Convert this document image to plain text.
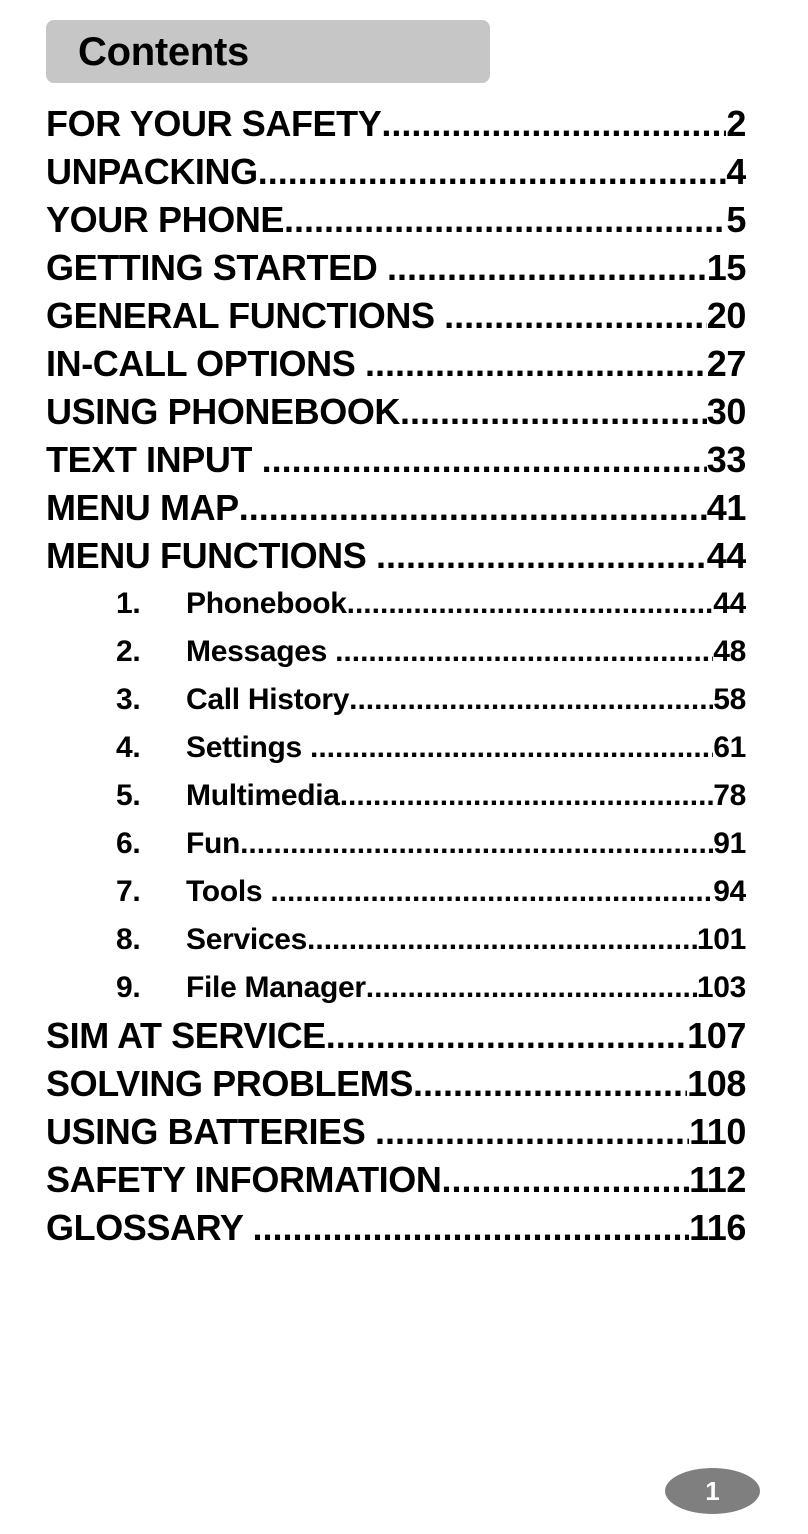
Contents
FOR YOUR SAFETY .....	2
UNPACKING .....	4
YOUR PHONE .....	5
GETTING STARTED .....	15
GENERAL FUNCTIONS .....	20
IN-CALL OPTIONS .....	27
USING PHONEBOOK .....	30
TEXT INPUT .....	33
MENU MAP .....	41
MENU FUNCTIONS .....	44
1.	Phonebook .....	44
2.	Messages .....	48
3.	Call History .....	58
4.	Settings .....	61
5.	Multimedia .....	78
6.	Fun .....	91
7.	Tools .....	94
8.	Services .....	101
9.	File Manager .....	103
SIM AT SERVICE .....	107
SOLVING PROBLEMS .....	108
USING BATTERIES .....	110
SAFETY INFORMATION .....	112
GLOSSARY .....	116
1
